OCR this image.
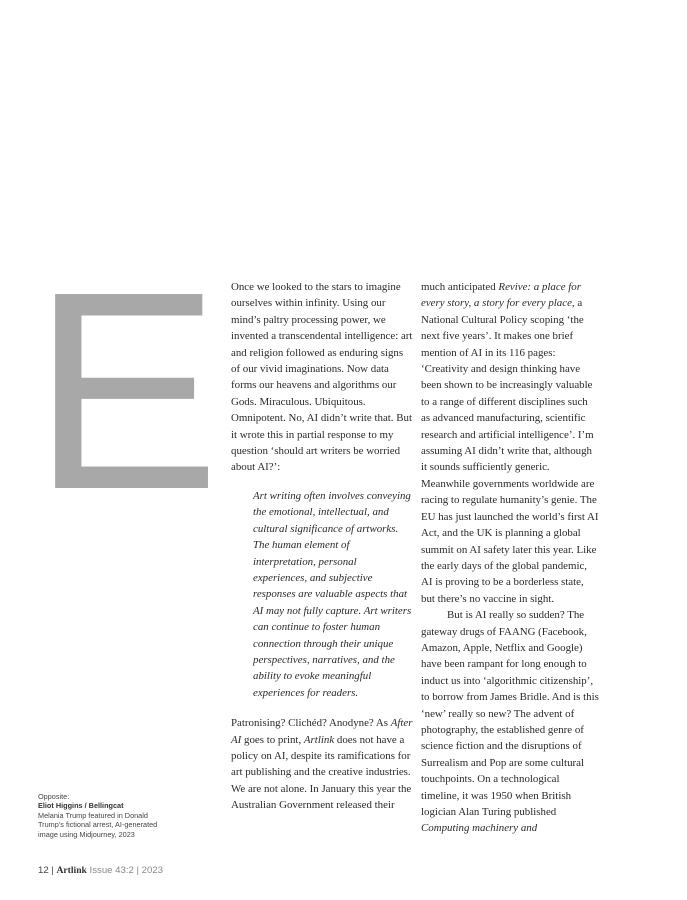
E Once we looked to the stars to imagine ourselves within infinity. Using our mind’s paltry processing power, we invented a transcendental intelligence: art and religion followed as enduring signs of our vivid imaginations. Now data forms our heavens and algorithms our Gods. Miraculous. Ubiquitous. Omnipotent. No, AI didn’t write that. But it wrote this in partial response to my question ‘should art writers be worried about AI?’:

Art writing often involves conveying the emotional, intellectual, and cultural significance of artworks. The human element of interpretation, personal experiences, and subjective responses are valuable aspects that AI may not fully capture. Art writers can continue to foster human connection through their unique perspectives, narratives, and the ability to evoke meaningful experiences for readers.

Patronising? Clichéd? Anodyne? As After AI goes to print, Artlink does not have a policy on AI, despite its ramifications for art publishing and the creative industries. We are not alone. In January this year the Australian Government released their

much anticipated Revive: a place for every story, a story for every place, a National Cultural Policy scoping ‘the next five years’. It makes one brief mention of AI in its 116 pages: ‘Creativity and design thinking have been shown to be increasingly valuable to a range of different disciplines such as advanced manufacturing, scientific research and artificial intelligence’. I’m assuming AI didn’t write that, although it sounds sufficiently generic. Meanwhile governments worldwide are racing to regulate humanity’s genie. The EU has just launched the world’s first AI Act, and the UK is planning a global summit on AI safety later this year. Like the early days of the global pandemic, AI is proving to be a borderless state, but there’s no vaccine in sight.

But is AI really so sudden? The gateway drugs of FAANG (Facebook, Amazon, Apple, Netflix and Google) have been rampant for long enough to induct us into ‘algorithmic citizenship’, to borrow from James Bridle. And is this ‘new’ really so new? The advent of photography, the established genre of science fiction and the disruptions of Surrealism and Pop are some cultural touchpoints. On a technological timeline, it was 1950 when British logician Alan Turing published Computing machinery and

Opposite:
Eliot Higgins / Bellingcat
Melania Trump featured in Donald Trump’s fictional arrest, AI-generated image using Midjourney, 2023
12 | Artlink Issue 43:2 | 2023
